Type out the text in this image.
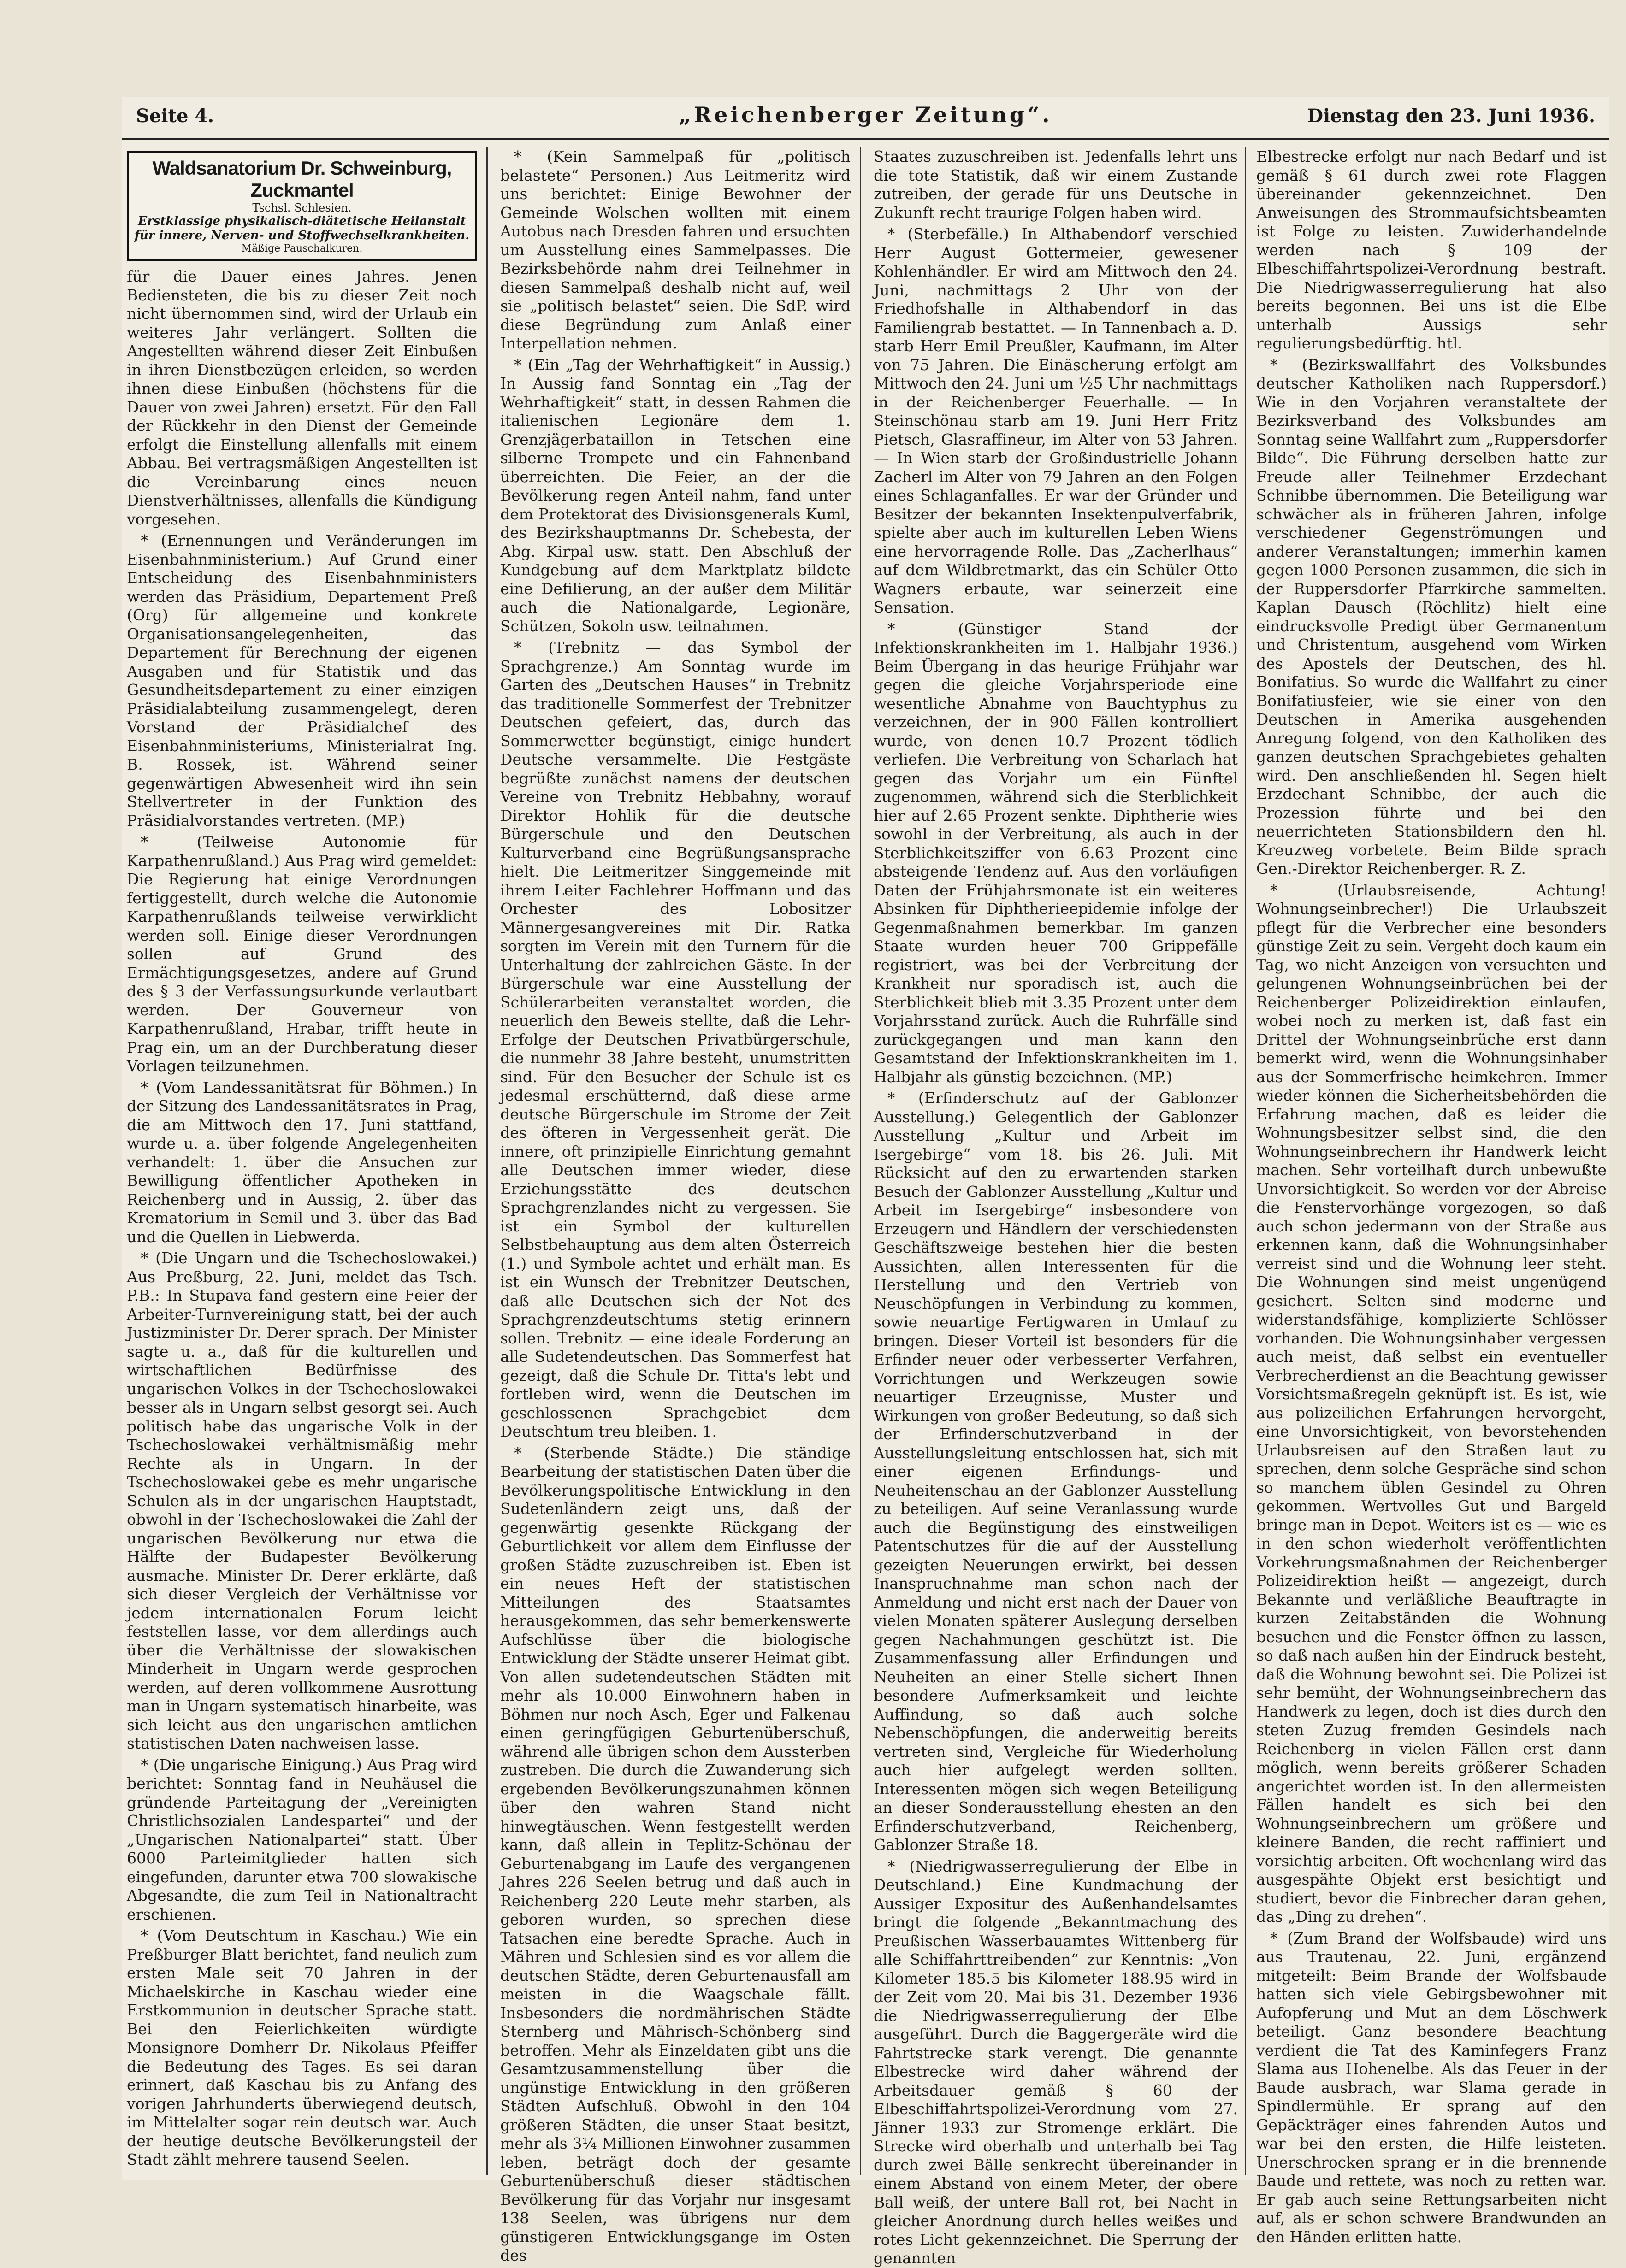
Seite 4.	„Reichenberger Zeitung“.	Dienstag den 23. Juni 1936.
Waldsanatorium Dr. Schweinburg, Zuckmantel
Tschsl. Schlesien.
Erstklassige physikalisch-diätetische Heilanstalt für innere, Nerven- und Stoffwechselkrankheiten.
Mäßige Pauschalkuren.

für die Dauer eines Jahres. Jenen Bediensteten, die bis zu dieser Zeit noch nicht übernommen sind, wird der Urlaub ein weiteres Jahr verlängert. Sollten die Angestellten während dieser Zeit Einbußen in ihren Dienstbezügen erleiden, so werden ihnen diese Einbußen (höchstens für die Dauer von zwei Jahren) ersetzt. Für den Fall der Rückkehr in den Dienst der Gemeinde erfolgt die Einstellung allenfalls mit einem Abbau. Bei vertragsmäßigen Angestellten ist die Vereinbarung eines neuen Dienstverhältnisses, allenfalls die Kündigung vorgesehen.

* (Ernennungen und Veränderungen im Eisenbahnministerium.) Auf Grund einer Entscheidung des Eisenbahnministers werden das Präsidium, Departement Preß (Org) für allgemeine und konkrete Organisationsangelegenheiten, das Departement für Berechnung der eigenen Ausgaben und für Statistik und das Gesundheitsdepartement zu einer einzigen Präsidialabteilung zusammengelegt, deren Vorstand der Präsidialchef des Eisenbahnministeriums, Ministerialrat Ing. B. Rossek, ist. Während seiner gegenwärtigen Abwesenheit wird ihn sein Stellvertreter in der Funktion des Präsidialvorstandes vertreten. (MP.)

* (Teilweise Autonomie für Karpathenrußland.) Aus Prag wird gemeldet: Die Regierung hat einige Verordnungen fertiggestellt, durch welche die Autonomie Karpathenrußlands teilweise verwirklicht werden soll. Einige dieser Verordnungen sollen auf Grund des Ermächtigungsgesetzes, andere auf Grund des § 3 der Verfassungsurkunde verlautbart werden. Der Gouverneur von Karpathenrußland, Hrabar, trifft heute in Prag ein, um an der Durchberatung dieser Vorlagen teilzunehmen.

* (Vom Landessanitätsrat für Böhmen.) In der Sitzung des Landessanitätsrates in Prag, die am Mittwoch den 17. Juni stattfand, wurde u. a. über folgende Angelegenheiten verhandelt: 1. über die Ansuchen zur Bewilligung öffentlicher Apotheken in Reichenberg und in Aussig, 2. über das Krematorium in Semil und 3. über das Bad und die Quellen in Liebwerda.

* (Die Ungarn und die Tschechoslowakei.) Aus Preßburg, 22. Juni, meldet das Tsch. P.B.: In Stupava fand gestern eine Feier der Arbeiter-Turnvereinigung statt, bei der auch Justizminister Dr. Derer sprach. Der Minister sagte u. a., daß für die kulturellen und wirtschaftlichen Bedürfnisse des ungarischen Volkes in der Tschechoslowakei besser als in Ungarn selbst gesorgt sei. Auch politisch habe das ungarische Volk in der Tschechoslowakei verhältnismäßig mehr Rechte als in Ungarn. In der Tschechoslowakei gebe es mehr ungarische Schulen als in der ungarischen Hauptstadt, obwohl in der Tschechoslowakei die Zahl der ungarischen Bevölkerung nur etwa die Hälfte der Budapester Bevölkerung ausmache. Minister Dr. Derer erklärte, daß sich dieser Vergleich der Verhältnisse vor jedem internationalen Forum leicht feststellen lasse, vor dem allerdings auch über die Verhältnisse der slowakischen Minderheit in Ungarn werde gesprochen werden, auf deren vollkommene Ausrottung man in Ungarn systematisch hinarbeite, was sich leicht aus den ungarischen amtlichen statistischen Daten nachweisen lasse.

* (Die ungarische Einigung.) Aus Prag wird berichtet: Sonntag fand in Neuhäusel die gründende Parteitagung der „Vereinigten Christlichsozialen Landespartei“ und der „Ungarischen Nationalpartei“ statt. Über 6000 Parteimitglieder hatten sich eingefunden, darunter etwa 700 slowakische Abgesandte, die zum Teil in Nationaltracht erschienen.

* (Vom Deutschtum in Kaschau.) Wie ein Preßburger Blatt berichtet, fand neulich zum ersten Male seit 70 Jahren in der Michaelskirche in Kaschau wieder eine Erstkommunion in deutscher Sprache statt. Bei den Feierlichkeiten würdigte Monsignore Domherr Dr. Nikolaus Pfeiffer die Bedeutung des Tages. Es sei daran erinnert, daß Kaschau bis zu Anfang des vorigen Jahrhunderts überwiegend deutsch, im Mittelalter sogar rein deutsch war. Auch der heutige deutsche Bevölkerungsteil der Stadt zählt mehrere tausend Seelen.

* (Kein Sammelpaß für „politisch belastete“ Personen.) Aus Leitmeritz wird uns berichtet: Einige Bewohner der Gemeinde Wolschen wollten mit einem Autobus nach Dresden fahren und ersuchten um Ausstellung eines Sammelpasses. Die Bezirksbehörde nahm drei Teilnehmer in diesen Sammelpaß deshalb nicht auf, weil sie „politisch belastet“ seien. Die SdP. wird diese Begründung zum Anlaß einer Interpellation nehmen.

* (Ein „Tag der Wehrhaftigkeit“ in Aussig.) In Aussig fand Sonntag ein „Tag der Wehrhaftigkeit“ statt, in dessen Rahmen die italienischen Legionäre dem 1. Grenzjägerbataillon in Tetschen eine silberne Trompete und ein Fahnenband überreichten. Die Feier, an der die Bevölkerung regen Anteil nahm, fand unter dem Protektorat des Divisionsgenerals Kuml, des Bezirkshauptmanns Dr. Schebesta, der Abg. Kirpal usw. statt. Den Abschluß der Kundgebung auf dem Marktplatz bildete eine Defilierung, an der außer dem Militär auch die Nationalgarde, Legionäre, Schützen, Sokoln usw. teilnahmen.

* (Trebnitz — das Symbol der Sprachgrenze.) Am Sonntag wurde im Garten des „Deutschen Hauses“ in Trebnitz das traditionelle Sommerfest der Trebnitzer Deutschen gefeiert, das, durch das Sommerwetter begünstigt, einige hundert Deutsche versammelte. Die Festgäste begrüßte zunächst namens der deutschen Vereine von Trebnitz Hebbahny, worauf Direktor Hohlik für die deutsche Bürgerschule und den Deutschen Kulturverband eine Begrüßungsansprache hielt. Die Leitmeritzer Singgemeinde mit ihrem Leiter Fachlehrer Hoffmann und das Orchester des Lobositzer Männergesangvereines mit Dir. Ratka sorgten im Verein mit den Turnern für die Unterhaltung der zahlreichen Gäste. In der Bürgerschule war eine Ausstellung der Schülerarbeiten veranstaltet worden, die neuerlich den Beweis stellte, daß die Lehr-Erfolge der Deutschen Privatbürgerschule, die nunmehr 38 Jahre besteht, unumstritten sind. Für den Besucher der Schule ist es jedesmal erschütternd, daß diese arme deutsche Bürgerschule im Strome der Zeit des öfteren in Vergessenheit gerät. Die innere, oft prinzipielle Einrichtung gemahnt alle Deutschen immer wieder, diese Erziehungsstätte des deutschen Sprachgrenzlandes nicht zu vergessen. Sie ist ein Symbol der kulturellen Selbstbehauptung aus dem alten Österreich (1.) und Symbole achtet und erhält man. Es ist ein Wunsch der Trebnitzer Deutschen, daß alle Deutschen sich der Not des Sprachgrenzdeutschtums stetig erinnern sollen. Trebnitz — eine ideale Forderung an alle Sudetendeutschen. Das Sommerfest hat gezeigt, daß die Schule Dr. Titta's lebt und fortleben wird, wenn die Deutschen im geschlossenen Sprachgebiet dem Deutschtum treu bleiben. 1.

* (Sterbende Städte.) Die ständige Bearbeitung der statistischen Daten über die Bevölkerungspolitische Entwicklung in den Sudetenländern zeigt uns, daß der gegenwärtig gesenkte Rückgang der Geburtlichkeit vor allem dem Einflusse der großen Städte zuzuschreiben ist. Eben ist ein neues Heft der statistischen Mitteilungen des Staatsamtes herausgekommen, das sehr bemerkenswerte Aufschlüsse über die biologische Entwicklung der Städte unserer Heimat gibt. Von allen sudetendeutschen Städten mit mehr als 10.000 Einwohnern haben in Böhmen nur noch Asch, Eger und Falkenau einen geringfügigen Geburtenüberschuß, während alle übrigen schon dem Aussterben zustreben. Die durch die Zuwanderung sich ergebenden Bevölkerungszunahmen können über den wahren Stand nicht hinwegtäuschen. Wenn festgestellt werden kann, daß allein in Teplitz-Schönau der Geburtenabgang im Laufe des vergangenen Jahres 226 Seelen betrug und daß auch in Reichenberg 220 Leute mehr starben, als geboren wurden, so sprechen diese Tatsachen eine beredte Sprache. Auch in Mähren und Schlesien sind es vor allem die deutschen Städte, deren Geburtenausfall am meisten in die Waagschale fällt. Insbesonders die nordmährischen Städte Sternberg und Mährisch-Schönberg sind betroffen. Mehr als Einzeldaten gibt uns die Gesamtzusammenstellung über die ungünstige Entwicklung in den größeren Städten Aufschluß. Obwohl in den 104 größeren Städten, die unser Staat besitzt, mehr als 3¼ Millionen Einwohner zusammen leben, beträgt doch der gesamte Geburtenüberschuß dieser städtischen Bevölkerung für das Vorjahr nur insgesamt 138 Seelen, was übrigens nur dem günstigeren Entwicklungsgange im Osten des

Staates zuzuschreiben ist. Jedenfalls lehrt uns die tote Statistik, daß wir einem Zustande zutreiben, der gerade für uns Deutsche in Zukunft recht traurige Folgen haben wird.

* (Sterbefälle.) In Althabendorf verschied Herr August Gottermeier, gewesener Kohlenhändler. Er wird am Mittwoch den 24. Juni, nachmittags 2 Uhr von der Friedhofshalle in Althabendorf in das Familiengrab bestattet. — In Tannenbach a. D. starb Herr Emil Preußler, Kaufmann, im Alter von 75 Jahren. Die Einäscherung erfolgt am Mittwoch den 24. Juni um ½5 Uhr nachmittags in der Reichenberger Feuerhalle. — In Steinschönau starb am 19. Juni Herr Fritz Pietsch, Glasraffineur, im Alter von 53 Jahren. — In Wien starb der Großindustrielle Johann Zacherl im Alter von 79 Jahren an den Folgen eines Schlaganfalles. Er war der Gründer und Besitzer der bekannten Insektenpulverfabrik, spielte aber auch im kulturellen Leben Wiens eine hervorragende Rolle. Das „Zacherlhaus“ auf dem Wildbretmarkt, das ein Schüler Otto Wagners erbaute, war seinerzeit eine Sensation.

* (Günstiger Stand der Infektionskrankheiten im 1. Halbjahr 1936.) Beim Übergang in das heurige Frühjahr war gegen die gleiche Vorjahrsperiode eine wesentliche Abnahme von Bauchtyphus zu verzeichnen, der in 900 Fällen kontrolliert wurde, von denen 10.7 Prozent tödlich verliefen. Die Verbreitung von Scharlach hat gegen das Vorjahr um ein Fünftel zugenommen, während sich die Sterblichkeit hier auf 2.65 Prozent senkte. Diphtherie wies sowohl in der Verbreitung, als auch in der Sterblichkeitsziffer von 6.63 Prozent eine absteigende Tendenz auf. Aus den vorläufigen Daten der Frühjahrsmonate ist ein weiteres Absinken für Diphtherieepidemie infolge der Gegenmaßnahmen bemerkbar. Im ganzen Staate wurden heuer 700 Grippefälle registriert, was bei der Verbreitung der Krankheit nur sporadisch ist, auch die Sterblichkeit blieb mit 3.35 Prozent unter dem Vorjahrsstand zurück. Auch die Ruhrfälle sind zurückgegangen und man kann den Gesamtstand der Infektionskrankheiten im 1. Halbjahr als günstig bezeichnen. (MP.)

* (Erfinderschutz auf der Gablonzer Ausstellung.) Gelegentlich der Gablonzer Ausstellung „Kultur und Arbeit im Isergebirge“ vom 18. bis 26. Juli. Mit Rücksicht auf den zu erwartenden starken Besuch der Gablonzer Ausstellung „Kultur und Arbeit im Isergebirge“ insbesondere von Erzeugern und Händlern der verschiedensten Geschäftszweige bestehen hier die besten Aussichten, allen Interessenten für die Herstellung und den Vertrieb von Neuschöpfungen in Verbindung zu kommen, sowie neuartige Fertigwaren in Umlauf zu bringen. Dieser Vorteil ist besonders für die Erfinder neuer oder verbesserter Verfahren, Vorrichtungen und Werkzeugen sowie neuartiger Erzeugnisse, Muster und Wirkungen von großer Bedeutung, so daß sich der Erfinderschutzverband in der Ausstellungsleitung entschlossen hat, sich mit einer eigenen Erfindungs- und Neuheitenschau an der Gablonzer Ausstellung zu beteiligen. Auf seine Veranlassung wurde auch die Begünstigung des einstweiligen Patentschutzes für die auf der Ausstellung gezeigten Neuerungen erwirkt, bei dessen Inanspruchnahme man schon nach der Anmeldung und nicht erst nach der Dauer von vielen Monaten späterer Auslegung derselben gegen Nachahmungen geschützt ist. Die Zusammenfassung aller Erfindungen und Neuheiten an einer Stelle sichert Ihnen besondere Aufmerksamkeit und leichte Auffindung, so daß auch solche Nebenschöpfungen, die anderweitig bereits vertreten sind, Vergleiche für Wiederholung auch hier aufgelegt werden sollten. Interessenten mögen sich wegen Beteiligung an dieser Sonderausstellung ehesten an den Erfinderschutzverband, Reichenberg, Gablonzer Straße 18.

* (Niedrigwasserregulierung der Elbe in Deutschland.) Eine Kundmachung der Aussiger Expositur des Außenhandelsamtes bringt die folgende „Bekanntmachung des Preußischen Wasserbauamtes Wittenberg für alle Schiffahrttreibenden“ zur Kenntnis: „Von Kilometer 185.5 bis Kilometer 188.95 wird in der Zeit vom 20. Mai bis 31. Dezember 1936 die Niedrigwasserregulierung der Elbe ausgeführt. Durch die Baggergeräte wird die Fahrtstrecke stark verengt. Die genannte Elbestrecke wird daher während der Arbeitsdauer gemäß § 60 der Elbeschiffahrtspolizei-Verordnung vom 27. Jänner 1933 zur Stromenge erklärt. Die Strecke wird oberhalb und unterhalb bei Tag durch zwei Bälle senkrecht übereinander in einem Abstand von einem Meter, der obere Ball weiß, der untere Ball rot, bei Nacht in gleicher Anordnung durch helles weißes und rotes Licht gekennzeichnet. Die Sperrung der genannten

Elbestrecke erfolgt nur nach Bedarf und ist gemäß § 61 durch zwei rote Flaggen übereinander gekennzeichnet. Den Anweisungen des Strommaufsichtsbeamten ist Folge zu leisten. Zuwiderhandelnde werden nach § 109 der Elbeschiffahrtspolizei-Verordnung bestraft. Die Niedrigwasserregulierung hat also bereits begonnen. Bei uns ist die Elbe unterhalb Aussigs sehr regulierungsbedürftig. htl.

* (Bezirkswallfahrt des Volksbundes deutscher Katholiken nach Ruppersdorf.) Wie in den Vorjahren veranstaltete der Bezirksverband des Volksbundes am Sonntag seine Wallfahrt zum „Ruppersdorfer Bilde“. Die Führung derselben hatte zur Freude aller Teilnehmer Erzdechant Schnibbe übernommen. Die Beteiligung war schwächer als in früheren Jahren, infolge verschiedener Gegenströmungen und anderer Veranstaltungen; immerhin kamen gegen 1000 Personen zusammen, die sich in der Ruppersdorfer Pfarrkirche sammelten. Kaplan Dausch (Röchlitz) hielt eine eindrucksvolle Predigt über Germanentum und Christentum, ausgehend vom Wirken des Apostels der Deutschen, des hl. Bonifatius. So wurde die Wallfahrt zu einer Bonifatiusfeier, wie sie einer von den Deutschen in Amerika ausgehenden Anregung folgend, von den Katholiken des ganzen deutschen Sprachgebietes gehalten wird. Den anschließenden hl. Segen hielt Erzdechant Schnibbe, der auch die Prozession führte und bei den neuerrichteten Stationsbildern den hl. Kreuzweg vorbetete. Beim Bilde sprach Gen.-Direktor Reichenberger. R. Z.

* (Urlaubsreisende, Achtung! Wohnungseinbrecher!) Die Urlaubszeit pflegt für die Verbrecher eine besonders günstige Zeit zu sein. Vergeht doch kaum ein Tag, wo nicht Anzeigen von versuchten und gelungenen Wohnungseinbrüchen bei der Reichenberger Polizeidirektion einlaufen, wobei noch zu merken ist, daß fast ein Drittel der Wohnungseinbrüche erst dann bemerkt wird, wenn die Wohnungsinhaber aus der Sommerfrische heimkehren. Immer wieder können die Sicherheitsbehörden die Erfahrung machen, daß es leider die Wohnungsbesitzer selbst sind, die den Wohnungseinbrechern ihr Handwerk leicht machen. Sehr vorteilhaft durch unbewußte Unvorsichtigkeit. So werden vor der Abreise die Fenstervorhänge vorgezogen, so daß auch schon jedermann von der Straße aus erkennen kann, daß die Wohnungsinhaber verreist sind und die Wohnung leer steht. Die Wohnungen sind meist ungenügend gesichert. Selten sind moderne und widerstandsfähige, komplizierte Schlösser vorhanden. Die Wohnungsinhaber vergessen auch meist, daß selbst ein eventueller Verbrecherdienst an die Beachtung gewisser Vorsichtsmaßregeln geknüpft ist. Es ist, wie aus polizeilichen Erfahrungen hervorgeht, eine Unvorsichtigkeit, von bevorstehenden Urlaubsreisen auf den Straßen laut zu sprechen, denn solche Gespräche sind schon so manchem üblen Gesindel zu Ohren gekommen. Wertvolles Gut und Bargeld bringe man in Depot. Weiters ist es — wie es in den schon wiederholt veröffentlichten Vorkehrungsmaßnahmen der Reichenberger Polizeidirektion heißt — angezeigt, durch Bekannte und verläßliche Beauftragte in kurzen Zeitabständen die Wohnung besuchen und die Fenster öffnen zu lassen, so daß nach außen hin der Eindruck besteht, daß die Wohnung bewohnt sei. Die Polizei ist sehr bemüht, der Wohnungseinbrechern das Handwerk zu legen, doch ist dies durch den steten Zuzug fremden Gesindels nach Reichenberg in vielen Fällen erst dann möglich, wenn bereits größerer Schaden angerichtet worden ist. In den allermeisten Fällen handelt es sich bei den Wohnungseinbrechern um größere und kleinere Banden, die recht raffiniert und vorsichtig arbeiten. Oft wochenlang wird das ausgespähte Objekt erst besichtigt und studiert, bevor die Einbrecher daran gehen, das „Ding zu drehen“.

* (Zum Brand der Wolfsbaude) wird uns aus Trautenau, 22. Juni, ergänzend mitgeteilt: Beim Brande der Wolfsbaude hatten sich viele Gebirgsbewohner mit Aufopferung und Mut an dem Löschwerk beteiligt. Ganz besondere Beachtung verdient die Tat des Kaminfegers Franz Slama aus Hohenelbe. Als das Feuer in der Baude ausbrach, war Slama gerade in Spindlermühle. Er sprang auf den Gepäckträger eines fahrenden Autos und war bei den ersten, die Hilfe leisteten. Unerschrocken sprang er in die brennende Baude und rettete, was noch zu retten war. Er gab auch seine Rettungsarbeiten nicht auf, als er schon schwere Brandwunden an den Händen erlitten hatte.
